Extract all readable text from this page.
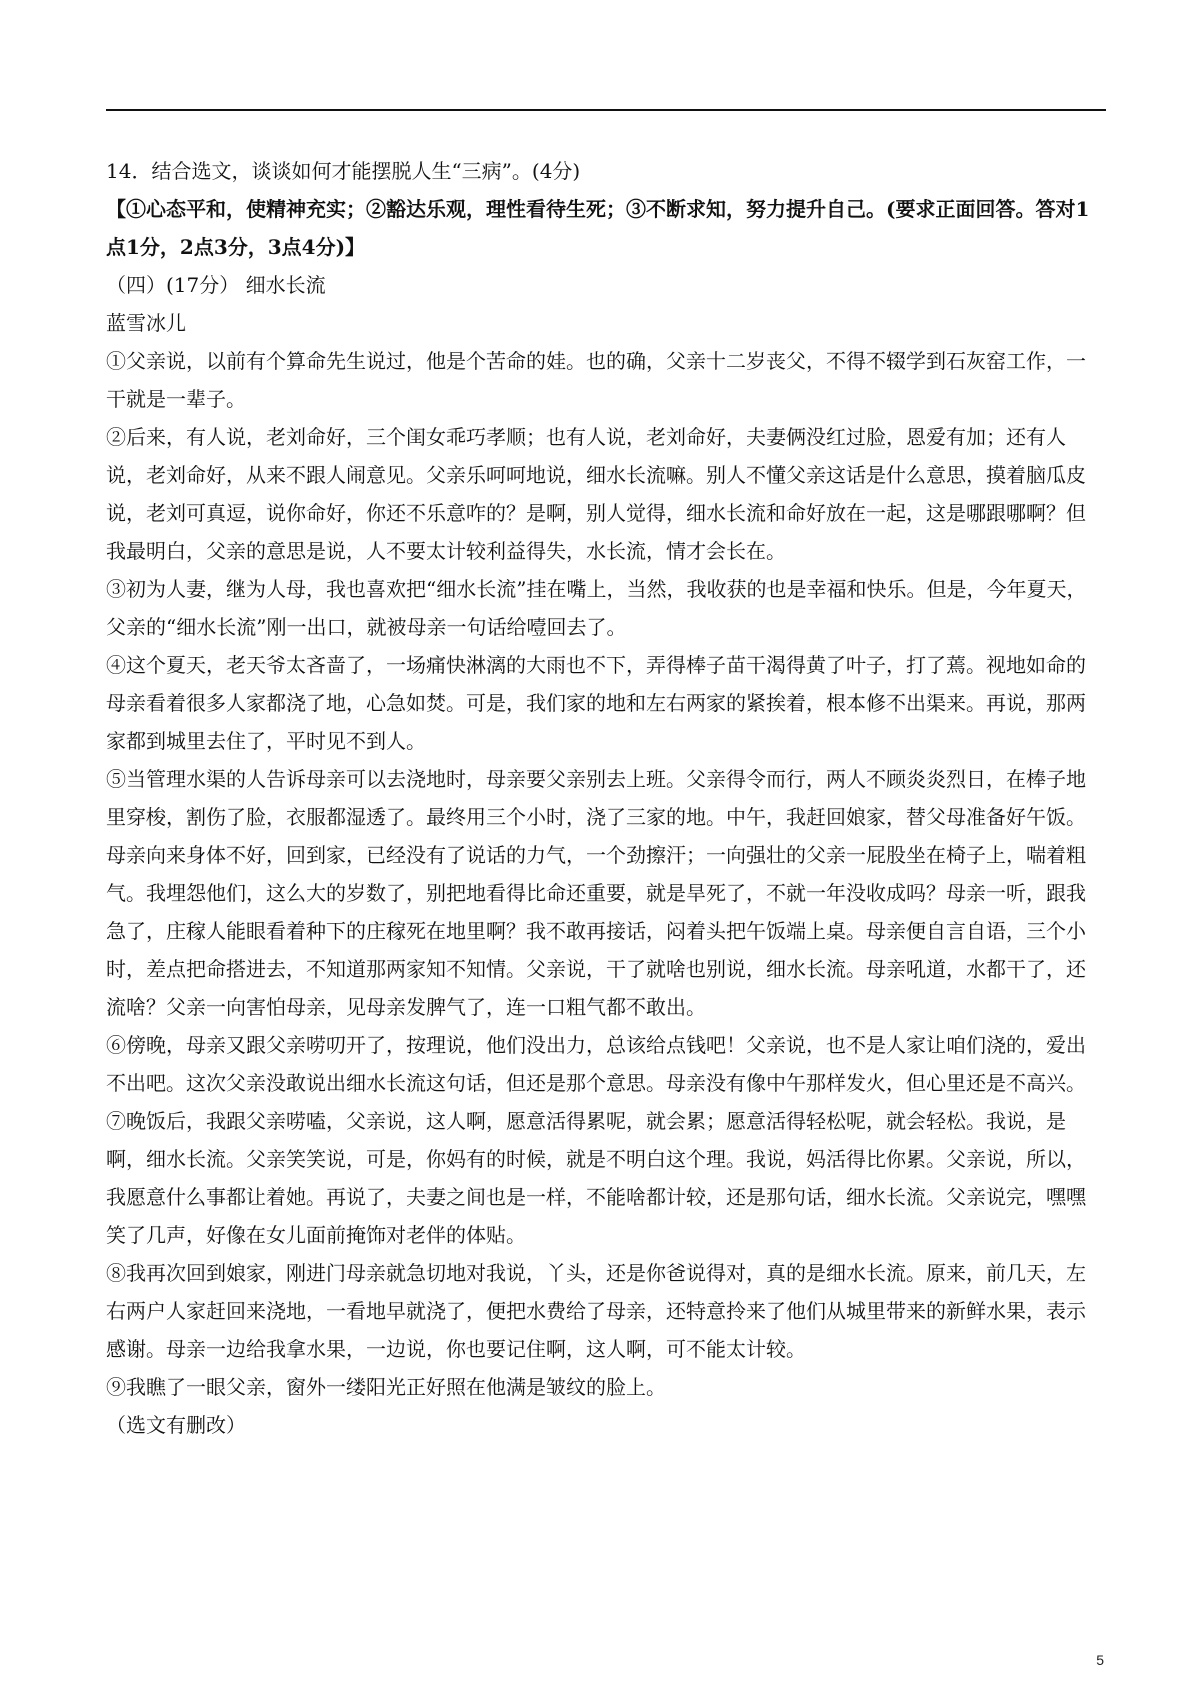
14．结合选文，谈谈如何才能摆脱人生“三病”。(4分)

【①心态平和，使精神充实；②豁达乐观，理性看待生死；③不断求知，努力提升自己。(要求正面回答。答对1点1分，2点3分，3点4分)】

（四）(17分） 细水长流

蓝雪冰儿

①父亲说，以前有个算命先生说过，他是个苦命的娃。也的确，父亲十二岁丧父，不得不辍学到石灰窑工作，一干就是一辈子。

②后来，有人说，老刘命好，三个闺女乖巧孝顺；也有人说，老刘命好，夫妻俩没红过脸，恩爱有加；还有人说，老刘命好，从来不跟人闹意见。父亲乐呵呵地说，细水长流嘛。别人不懂父亲这话是什么意思，摸着脑瓜皮说，老刘可真逗，说你命好，你还不乐意咋的？是啊，别人觉得，细水长流和命好放在一起，这是哪跟哪啊？但我最明白，父亲的意思是说，人不要太计较利益得失，水长流，情才会长在。

③初为人妻，继为人母，我也喜欢把“细水长流”挂在嘴上，当然，我收获的也是幸福和快乐。但是，今年夏天，父亲的“细水长流”刚一出口，就被母亲一句话给噎回去了。

④这个夏天，老天爷太吝啬了，一场痛快淋漓的大雨也不下，弄得棒子苗干渴得黄了叶子，打了蔫。视地如命的母亲看着很多人家都浇了地，心急如焚。可是，我们家的地和左右两家的紧挨着，根本修不出渠来。再说，那两家都到城里去住了，平时见不到人。

⑤当管理水渠的人告诉母亲可以去浇地时，母亲要父亲别去上班。父亲得令而行，两人不顾炎炎烈日，在棒子地里穿梭，割伤了脸，衣服都湿透了。最终用三个小时，浇了三家的地。中午，我赶回娘家，替父母准备好午饭。母亲向来身体不好，回到家，已经没有了说话的力气，一个劲擦汗；一向强壮的父亲一屁股坐在椅子上，喘着粗气。我埋怨他们，这么大的岁数了，别把地看得比命还重要，就是旱死了，不就一年没收成吗？母亲一听，跟我急了，庄稼人能眼看着种下的庄稼死在地里啊？我不敢再接话，闷着头把午饭端上桌。母亲便自言自语，三个小时，差点把命搭进去，不知道那两家知不知情。父亲说，干了就啥也别说，细水长流。母亲吼道，水都干了，还流啥？父亲一向害怕母亲，见母亲发脾气了，连一口粗气都不敢出。

⑥傍晚，母亲又跟父亲唠叨开了，按理说，他们没出力，总该给点钱吧！父亲说，也不是人家让咱们浇的，爱出不出吧。这次父亲没敢说出细水长流这句话，但还是那个意思。母亲没有像中午那样发火，但心里还是不高兴。

⑦晚饭后，我跟父亲唠嗑，父亲说，这人啊，愿意活得累呢，就会累；愿意活得轻松呢，就会轻松。我说，是啊，细水长流。父亲笑笑说，可是，你妈有的时候，就是不明白这个理。我说，妈活得比你累。父亲说，所以，我愿意什么事都让着她。再说了，夫妻之间也是一样，不能啥都计较，还是那句话，细水长流。父亲说完，嘿嘿笑了几声，好像在女儿面前掩饰对老伴的体贴。

⑧我再次回到娘家，刚进门母亲就急切地对我说，丫头，还是你爸说得对，真的是细水长流。原来，前几天，左右两户人家赶回来浇地，一看地早就浇了，便把水费给了母亲，还特意拎来了他们从城里带来的新鲜水果，表示感谢。母亲一边给我拿水果，一边说，你也要记住啊，这人啊，可不能太计较。

⑨我瞧了一眼父亲，窗外一缕阳光正好照在他满是皱纹的脸上。

（选文有删改）

5
